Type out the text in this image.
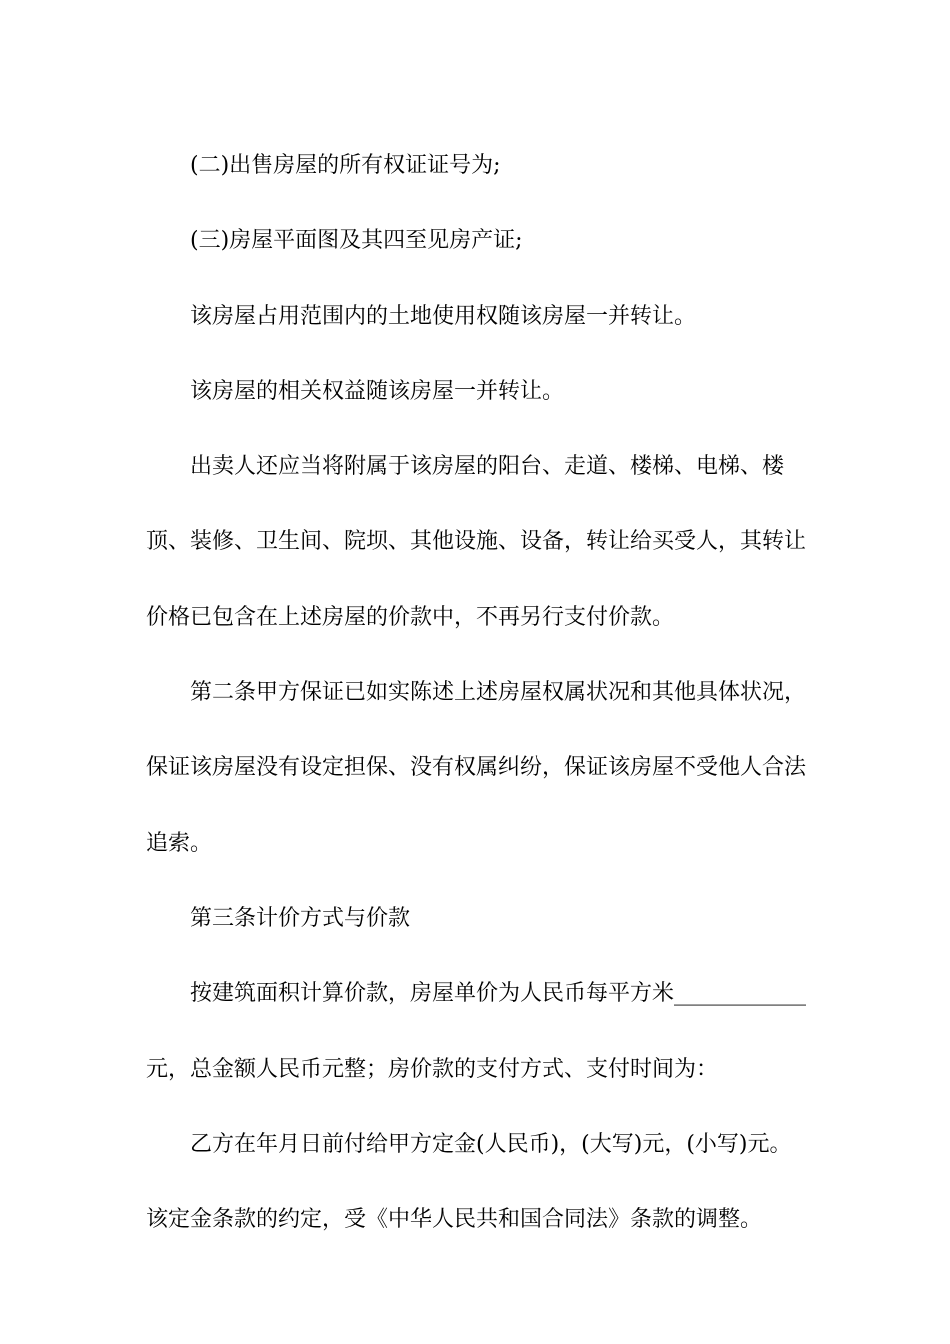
(二)出售房屋的所有权证证号为;

(三)房屋平面图及其四至见房产证;

该房屋占用范围内的土地使用权随该房屋一并转让。

该房屋的相关权益随该房屋一并转让。

出卖人还应当将附属于该房屋的阳台、走道、楼梯、电梯、楼顶、装修、卫生间、院坝、其他设施、设备，转让给买受人，其转让价格已包含在上述房屋的价款中，不再另行支付价款。

第二条甲方保证已如实陈述上述房屋权属状况和其他具体状况，保证该房屋没有设定担保、没有权属纠纷，保证该房屋不受他人合法追索。

第三条计价方式与价款

按建筑面积计算价款，房屋单价为人民币每平方米____________元，总金额人民币元整；房价款的支付方式、支付时间为：

乙方在年月日前付给甲方定金(人民币)，(大写)元，(小写)元。该定金条款的约定，受《中华人民共和国合同法》条款的调整。
